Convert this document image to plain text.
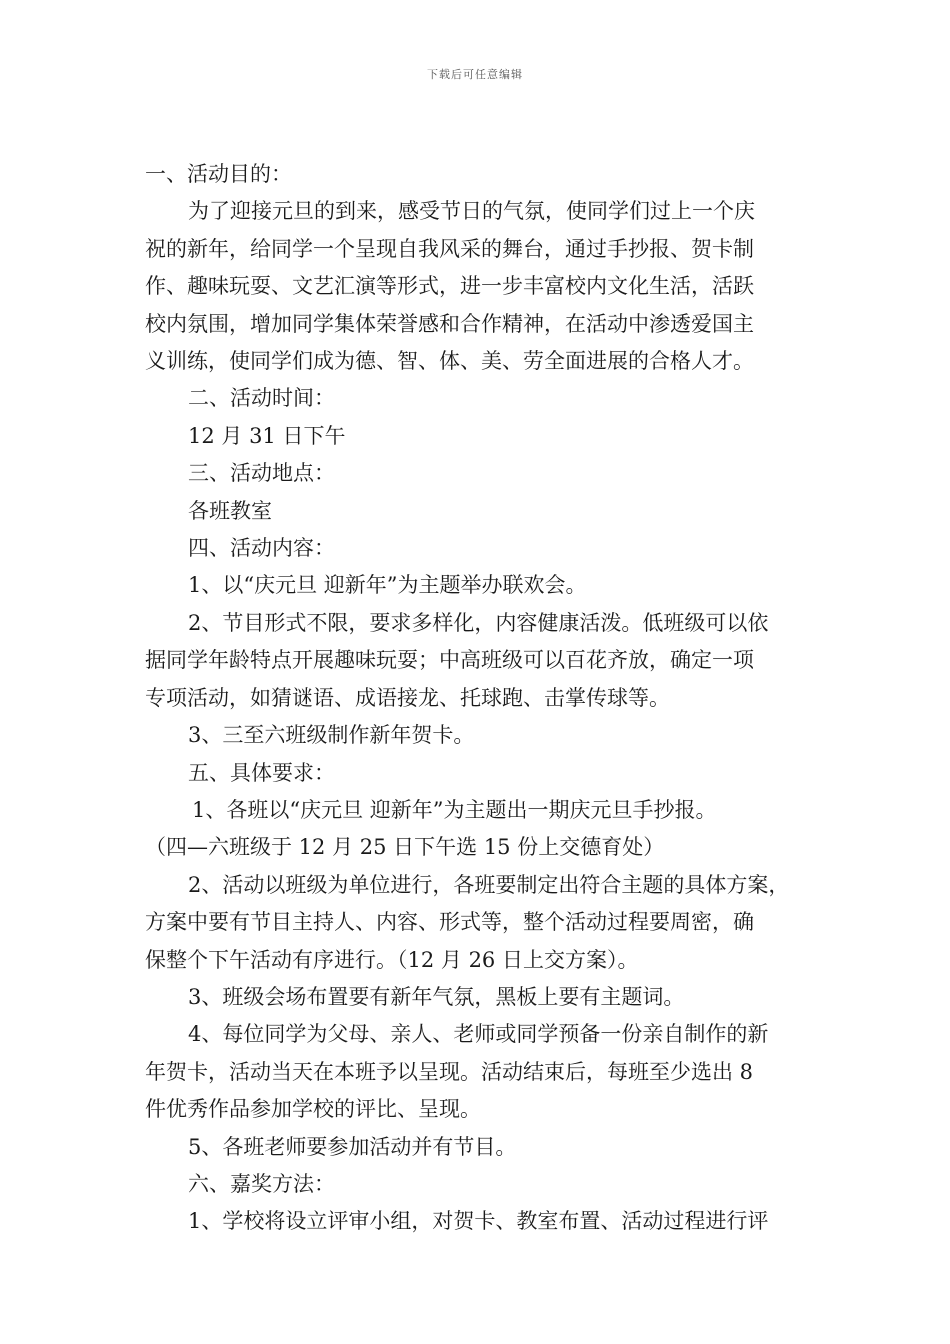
下载后可任意编辑

一、活动目的：

为了迎接元旦的到来，感受节日的气氛，使同学们过上一个庆

祝的新年，给同学一个呈现自我风采的舞台，通过手抄报、贺卡制

作、趣味玩耍、文艺汇演等形式，进一步丰富校内文化生活，活跃

校内氛围，增加同学集体荣誉感和合作精神，在活动中渗透爱国主

义训练，使同学们成为德、智、体、美、劳全面进展的合格人才。

二、活动时间：

12 月 31 日下午

三、活动地点：

各班教室

四、活动内容：

1、以“庆元旦 迎新年”为主题举办联欢会。

2、节目形式不限，要求多样化，内容健康活泼。低班级可以依

据同学年龄特点开展趣味玩耍；中高班级可以百花齐放，确定一项

专项活动，如猜谜语、成语接龙、托球跑、击掌传球等。

3、三至六班级制作新年贺卡。

五、具体要求：

1、各班以“庆元旦 迎新年”为主题出一期庆元旦手抄报。

（四—六班级于 12 月 25 日下午选 15 份上交德育处）

2、活动以班级为单位进行，各班要制定出符合主题的具体方案，

方案中要有节目主持人、内容、形式等，整个活动过程要周密，确

保整个下午活动有序进行。（12 月 26 日上交方案）。

3、班级会场布置要有新年气氛，黑板上要有主题词。

4、每位同学为父母、亲人、老师或同学预备一份亲自制作的新

年贺卡，活动当天在本班予以呈现。活动结束后，每班至少选出 8

件优秀作品参加学校的评比、呈现。

5、各班老师要参加活动并有节目。

六、嘉奖方法：

1、学校将设立评审小组，对贺卡、教室布置、活动过程进行评
